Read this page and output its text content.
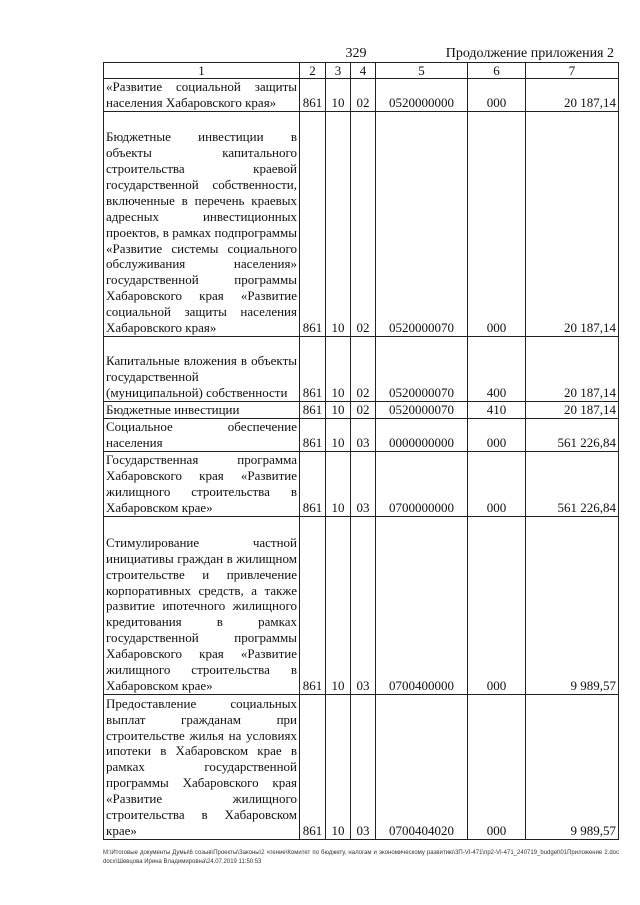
329	Продолжение приложения 2
1	2	3	4	5	6	7
«Развитие социальной защиты населения Хабаровского края»	861	10	02	0520000000	000	20 187,14
Бюджетные инвестиции в объекты капитального строительства краевой государственной собственности, включенные в перечень краевых адресных инвестиционных проектов, в рамках подпрограммы «Развитие системы социального обслуживания населения» государственной программы Хабаровского края «Развитие социальной защиты населения Хабаровского края»	861	10	02	0520000070	000	20 187,14
Капитальные вложения в объекты государственной (муниципальной) собственности	861	10	02	0520000070	400	20 187,14
Бюджетные инвестиции	861	10	02	0520000070	410	20 187,14
Социальное обеспечение населения	861	10	03	0000000000	000	561 226,84
Государственная программа Хабаровского края «Развитие жилищного строительства в Хабаровском крае»	861	10	03	0700000000	000	561 226,84
Стимулирование частной инициативы граждан в жилищном строительстве и привлечение корпоративных средств, а также развитие ипотечного жилищного кредитования в рамках государственной программы Хабаровского края «Развитие жилищного строительства в Хабаровском крае»	861	10	03	0700400000	000	9 989,57
Предоставление социальных выплат гражданам при строительстве жилья на условиях ипотеки в Хабаровском крае в рамках государственной программы Хабаровского края «Развитие жилищного строительства в Хабаровском крае»	861	10	03	0700404020	000	9 989,57
M:\Итоговые документы Думы\6 созыв\Проекты\Законы\2 чтение\Комитет по бюджету, налогам и экономическому развитию\3П-VI-471\пр2-VI-471_240719_budget\01Приложение 2.doc docx\Шевцова Ирина Владимировна\24.07.2019 11:50:53
